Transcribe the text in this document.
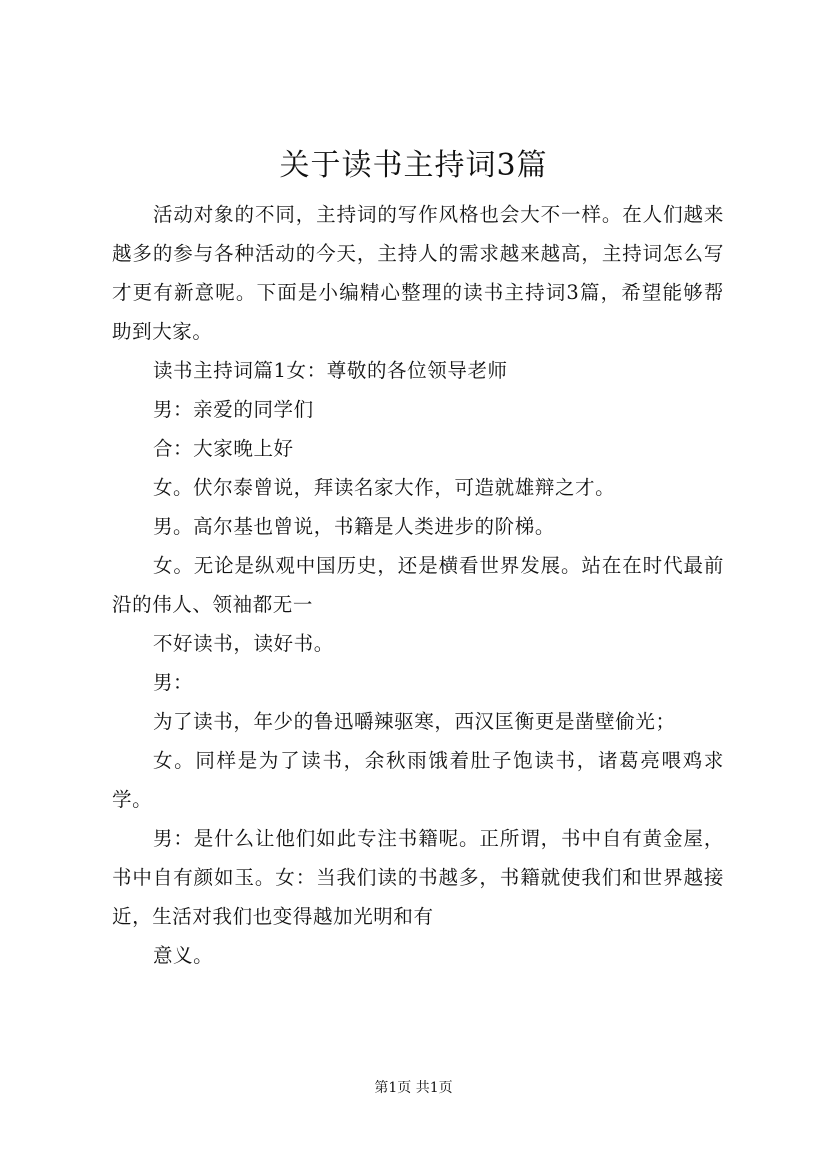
关于读书主持词3篇

活动对象的不同，主持词的写作风格也会大不一样。在人们越来越多的参与各种活动的今天，主持人的需求越来越高，主持词怎么写才更有新意呢。下面是小编精心整理的读书主持词3篇，希望能够帮助到大家。

读书主持词篇1女：尊敬的各位领导老师

男：亲爱的同学们

合：大家晚上好

女。伏尔泰曾说，拜读名家大作，可造就雄辩之才。

男。高尔基也曾说，书籍是人类进步的阶梯。

女。无论是纵观中国历史，还是横看世界发展。站在在时代最前沿的伟人、领袖都无一

不好读书，读好书。

男：

为了读书，年少的鲁迅嚼辣驱寒，西汉匡衡更是凿壁偷光；

女。同样是为了读书，余秋雨饿着肚子饱读书，诸葛亮喂鸡求学。

男：是什么让他们如此专注书籍呢。正所谓，书中自有黄金屋，书中自有颜如玉。女：当我们读的书越多，书籍就使我们和世界越接近，生活对我们也变得越加光明和有

意义。

第1页 共1页
